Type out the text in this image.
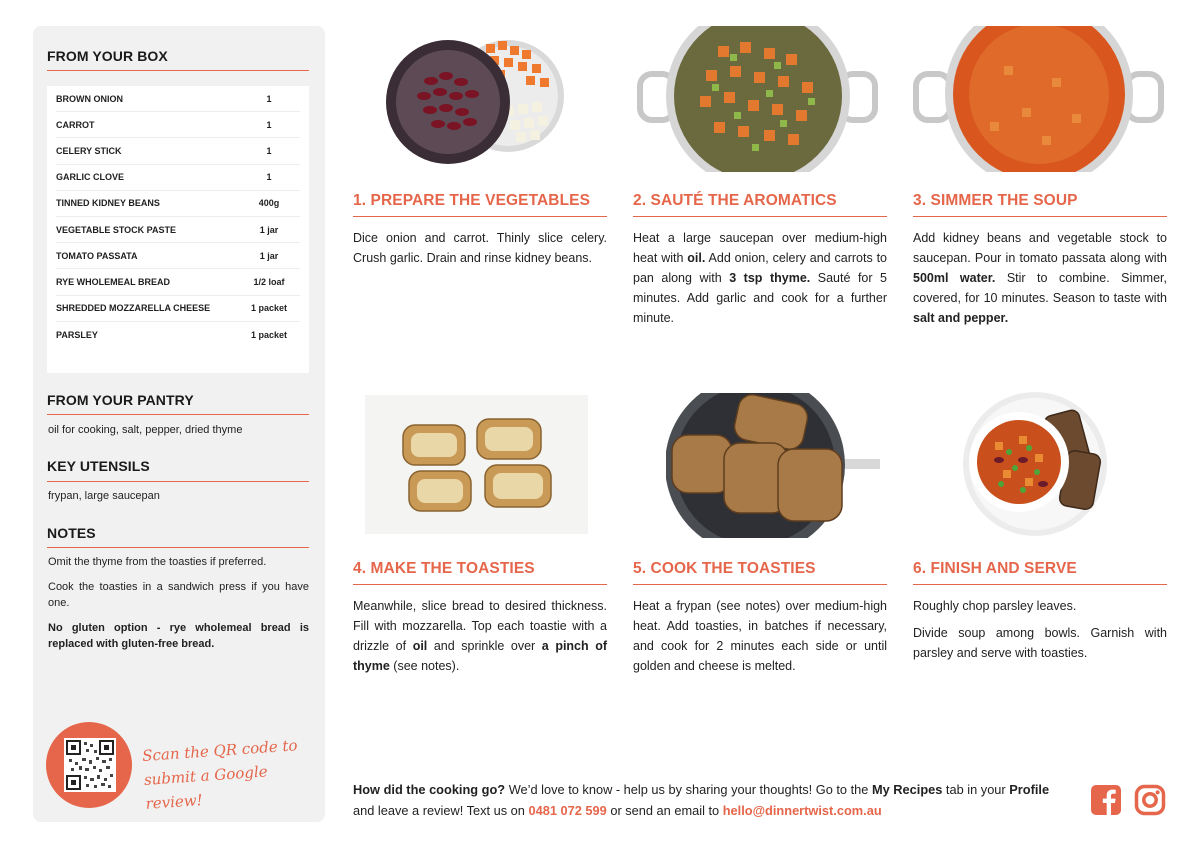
FROM YOUR BOX
BROWN ONION	1
CARROT	1
CELERY STICK	1
GARLIC CLOVE	1
TINNED KIDNEY BEANS	400g
VEGETABLE STOCK PASTE	1 jar
TOMATO PASSATA	1 jar
RYE WHOLEMEAL BREAD	1/2 loaf
SHREDDED MOZZARELLA CHEESE	1 packet
PARSLEY	1 packet
FROM YOUR PANTRY
oil for cooking, salt, pepper, dried thyme
KEY UTENSILS
frypan, large saucepan
NOTES

Omit the thyme from the toasties if preferred.

Cook the toasties in a sandwich press if you have one.

No gluten option - rye wholemeal bread is replaced with gluten-free bread.

Scan the QR code to
submit a Google review!
1. PREPARE THE VEGETABLES

Dice onion and carrot. Thinly slice celery. Crush garlic. Drain and rinse kidney beans.

2. SAUTÉ THE AROMATICS

Heat a large saucepan over medium-high heat with oil. Add onion, celery and carrots to pan along with 3 tsp thyme. Sauté for 5 minutes. Add garlic and cook for a further minute.

3. SIMMER THE SOUP

Add kidney beans and vegetable stock to saucepan. Pour in tomato passata along with 500ml water. Stir to combine. Simmer, covered, for 10 minutes. Season to taste with salt and pepper.

4. MAKE THE TOASTIES

Meanwhile, slice bread to desired thickness. Fill with mozzarella. Top each toastie with a drizzle of oil and sprinkle over a pinch of thyme (see notes).

5. COOK THE TOASTIES

Heat a frypan (see notes) over medium-high heat. Add toasties, in batches if necessary, and cook for 2 minutes each side or until golden and cheese is melted.

6. FINISH AND SERVE

Roughly chop parsley leaves.

Divide soup among bowls. Garnish with parsley and serve with toasties.

How did the cooking go? We’d love to know - help us by sharing your thoughts! Go to the My Recipes tab in your Profile and leave a review! Text us on 0481 072 599 or send an email to hello@dinnertwist.com.au
